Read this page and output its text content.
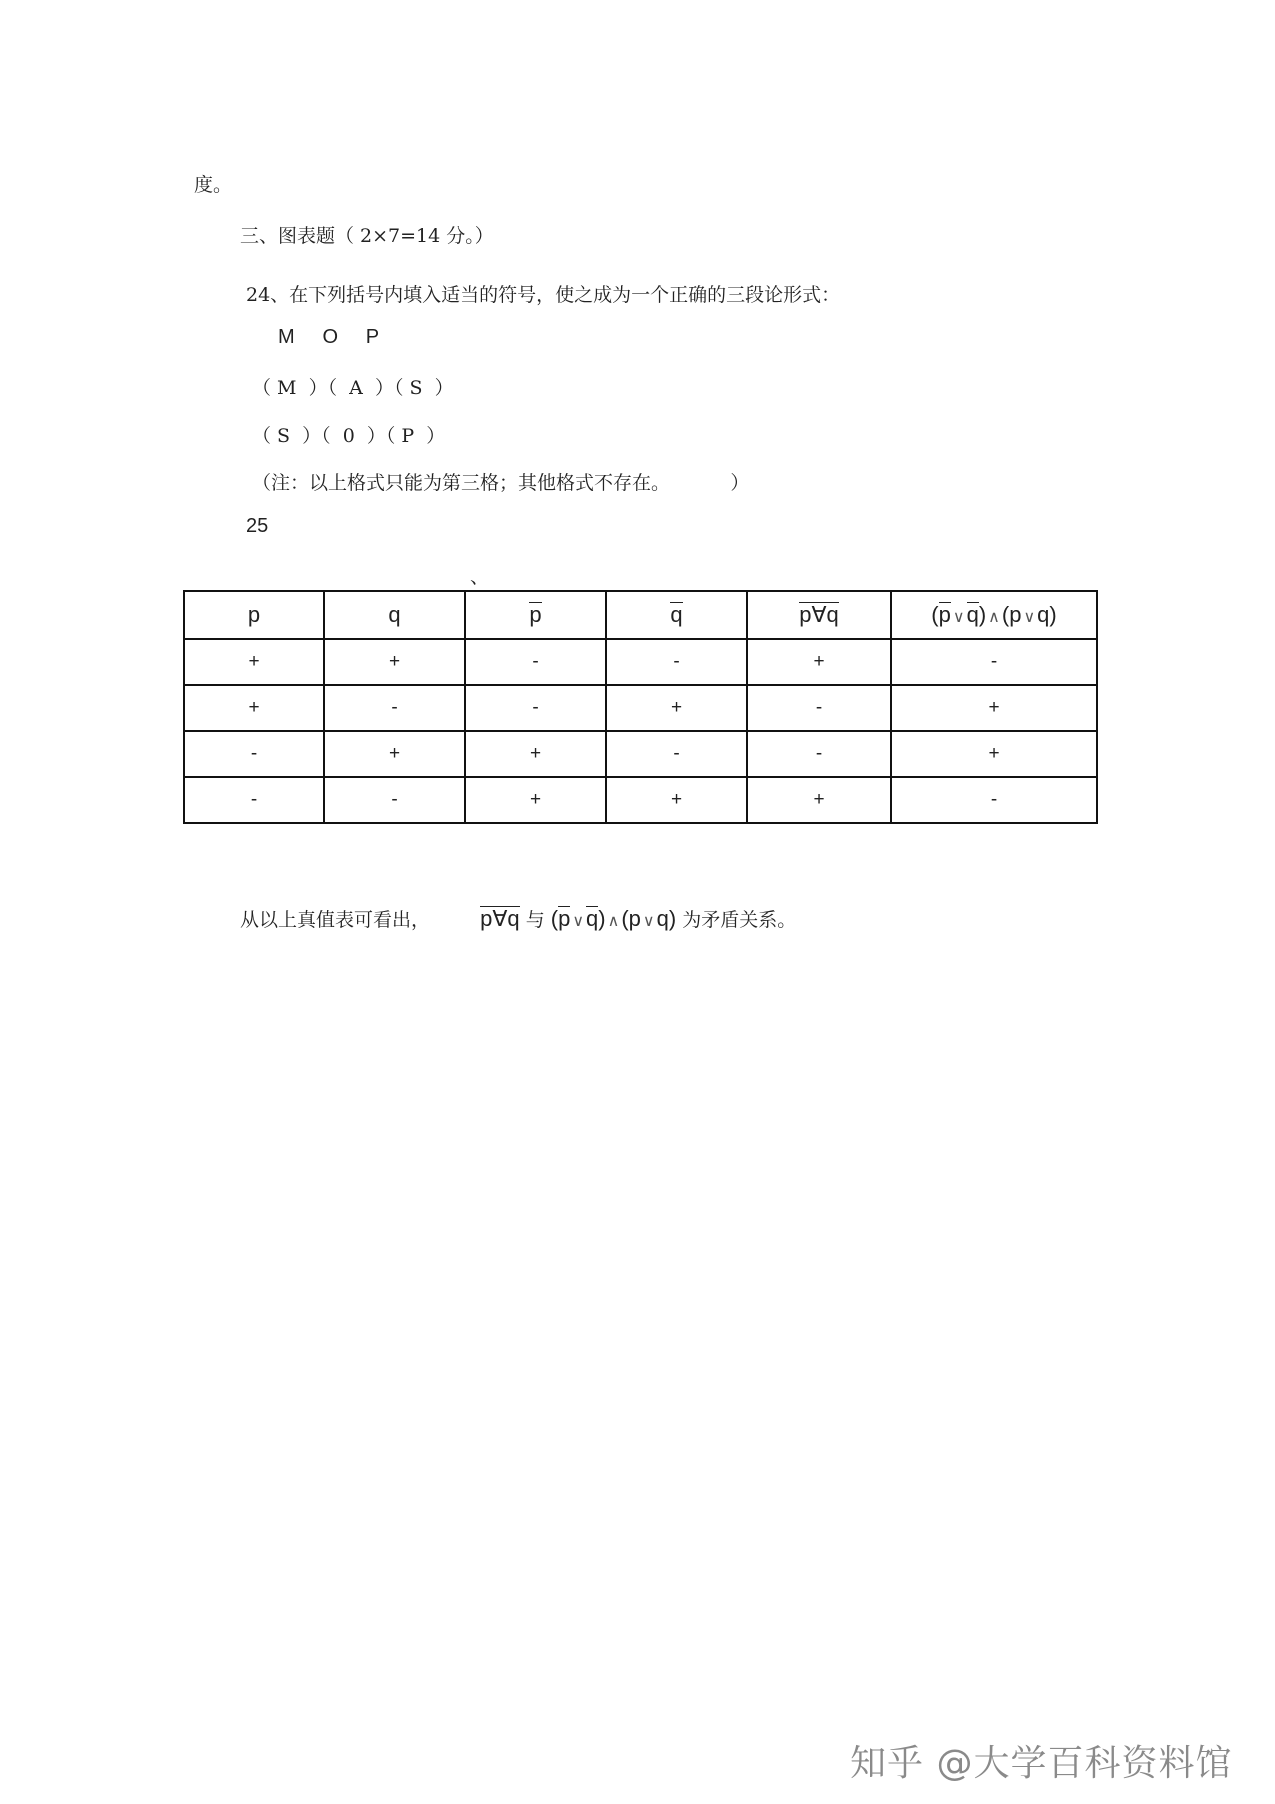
度。
三、图表题（ 2×7=14 分。）
24、在下列括号内填入适当的符号，使之成为一个正确的三段论形式：
M     O     P
（ M  ）（  A  ）（ S  ）
（ S  ）（  0  ）（ P  ）
（注：以上格式只能为第三格；其他格式不存在。          ）
25
、
p	q	p	q	p∀q	(p ∨q) ∧(p ∨q)
+	+	-	-	+	-
+	-	-	+	-	+
-	+	+	-	-	+
-	-	+	+	+	-
从以上真值表可看出， p∀q 与 (p ∨q) ∧(p ∨q) 为矛盾关系。
知乎 @大学百科资料馆
